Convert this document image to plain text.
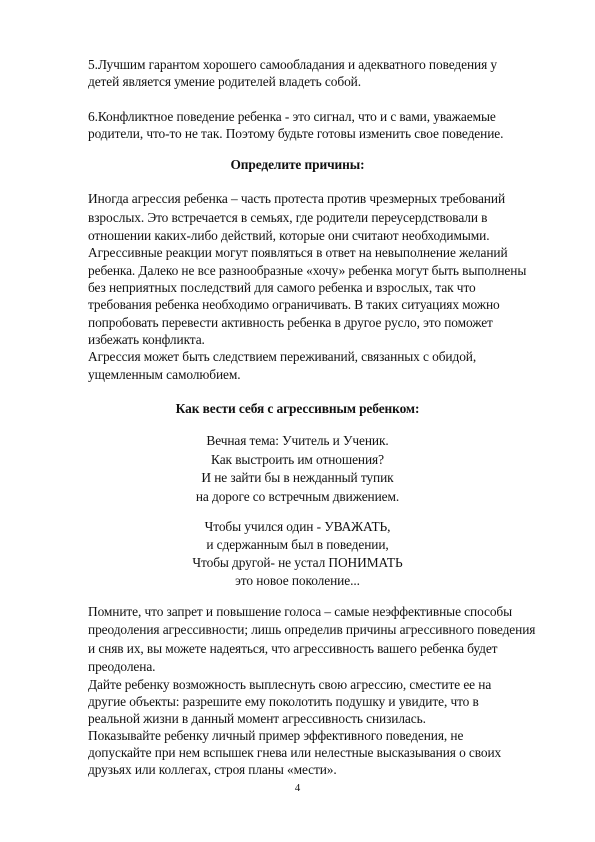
5.Лучшим гарантом хорошего самообладания и адекватного поведения у
детей является умение родителей владеть собой.
6.Конфликтное поведение ребенка - это сигнал, что и с вами, уважаемые
родители, что-то не так. Поэтому будьте готовы изменить свое поведение.
Определите причины:
Иногда агрессия ребенка – часть протеста против чрезмерных требований
взрослых. Это встречается в семьях, где родители переусердствовали в
отношении каких-либо действий, которые они считают необходимыми.
Агрессивные реакции могут появляться в ответ на невыполнение желаний
ребенка. Далеко не все разнообразные «хочу» ребенка могут быть выполнены
без неприятных последствий для самого ребенка и взрослых, так что
требования ребенка необходимо ограничивать. В таких ситуациях можно
попробовать перевести активность ребенка в другое русло, это поможет
избежать конфликта.
Агрессия может быть следствием переживаний, связанных с обидой,
ущемленным самолюбием.
Как вести себя с агрессивным ребенком:
Вечная тема: Учитель и Ученик.
Как выстроить им отношения?
И не зайти бы в нежданный тупик
на дороге со встречным движением.
Чтобы учился один - УВАЖАТЬ,
и сдержанным был в поведении,
Чтобы другой- не устал ПОНИМАТЬ
это новое поколение...
Помните, что запрет и повышение голоса – самые неэффективные способы
преодоления агрессивности; лишь определив причины агрессивного поведения
и сняв их, вы можете надеяться, что агрессивность вашего ребенка будет
преодолена.
Дайте ребенку возможность выплеснуть свою агрессию, сместите ее на
другие объекты: разрешите ему поколотить подушку и увидите, что в
реальной жизни в данный момент агрессивность снизилась.
Показывайте ребенку личный пример эффективного поведения, не
допускайте при нем вспышек гнева или нелестные высказывания о своих
друзьях или коллегах, строя планы «мести».
4
